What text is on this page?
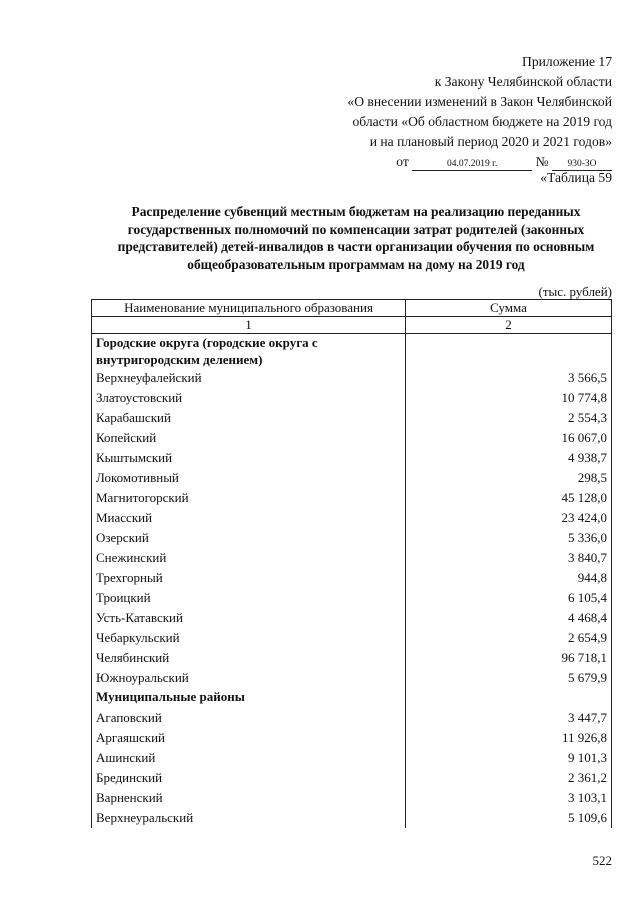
Приложение 17
к Закону Челябинской области
«О внесении изменений в Закон Челябинской
области «Об областном бюджете на 2019 год
и на плановый период 2020 и 2021 годов»
от	04.07.2019 г.	№ 930-ЗО
«Таблица 59
Распределение субвенций местным бюджетам на реализацию переданных государственных полномочий по компенсации затрат родителей (законных представителей) детей-инвалидов в части организации обучения по основным общеобразовательным программам на дому на 2019 год
(тыс. рублей)
Наименование муниципального образования	Сумма
1	2
Городские округа (городские округа с внутригородским делением)	
Верхнеуфалейский	3 566,5
Златоустовский	10 774,8
Карабашский	2 554,3
Копейский	16 067,0
Кыштымский	4 938,7
Локомотивный	298,5
Магнитогорский	45 128,0
Миасский	23 424,0
Озерский	5 336,0
Снежинский	3 840,7
Трехгорный	944,8
Троицкий	6 105,4
Усть-Катавский	4 468,4
Чебаркульский	2 654,9
Челябинский	96 718,1
Южноуральский	5 679,9
Муниципальные районы	
Агаповский	3 447,7
Аргаяшский	11 926,8
Ашинский	9 101,3
Брединский	2 361,2
Варненский	3 103,1
Верхнеуральский	5 109,6
522
